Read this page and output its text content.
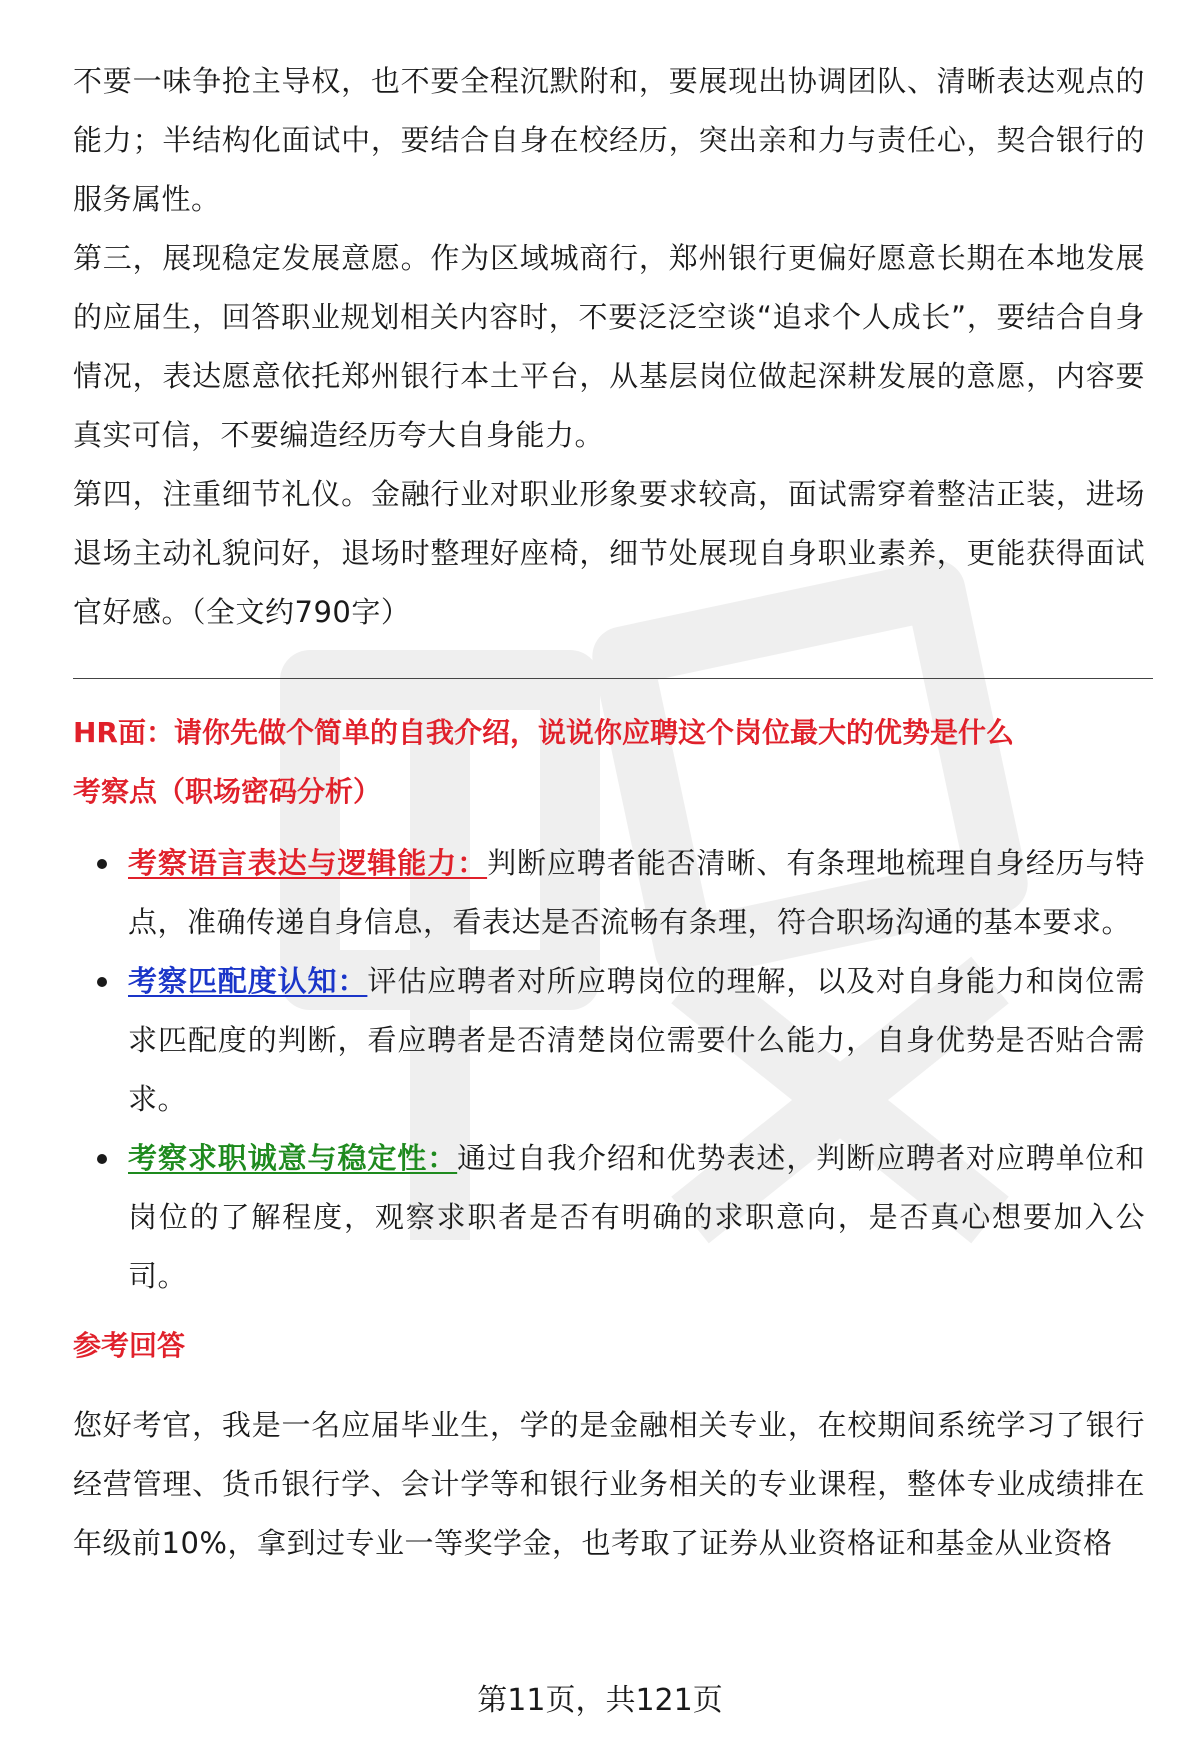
不要一味争抢主导权，也不要全程沉默附和，要展现出协调团队、清晰表达观点的能力；半结构化面试中，要结合自身在校经历，突出亲和力与责任心，契合银行的服务属性。

第三，展现稳定发展意愿。作为区域城商行，郑州银行更偏好愿意长期在本地发展的应届生，回答职业规划相关内容时，不要泛泛空谈“追求个人成长”，要结合自身情况，表达愿意依托郑州银行本土平台，从基层岗位做起深耕发展的意愿，内容要真实可信，不要编造经历夸大自身能力。

第四，注重细节礼仪。金融行业对职业形象要求较高，面试需穿着整洁正装，进场退场主动礼貌问好，退场时整理好座椅，细节处展现自身职业素养，更能获得面试官好感。（全文约790字）

HR面：请你先做个简单的自我介绍，说说你应聘这个岗位最大的优势是什么

考察点（职场密码分析）

考察语言表达与逻辑能力：判断应聘者能否清晰、有条理地梳理自身经历与特点，准确传递自身信息，看表达是否流畅有条理，符合职场沟通的基本要求。
考察匹配度认知：评估应聘者对所应聘岗位的理解，以及对自身能力和岗位需求匹配度的判断，看应聘者是否清楚岗位需要什么能力，自身优势是否贴合需求。
考察求职诚意与稳定性：通过自我介绍和优势表述，判断应聘者对应聘单位和岗位的了解程度，观察求职者是否有明确的求职意向，是否真心想要加入公司。

参考回答

您好考官，我是一名应届毕业生，学的是金融相关专业，在校期间系统学习了银行经营管理、货币银行学、会计学等和银行业务相关的专业课程，整体专业成绩排在年级前10%，拿到过专业一等奖学金，也考取了证券从业资格证和基金从业资格

第11页，共121页
